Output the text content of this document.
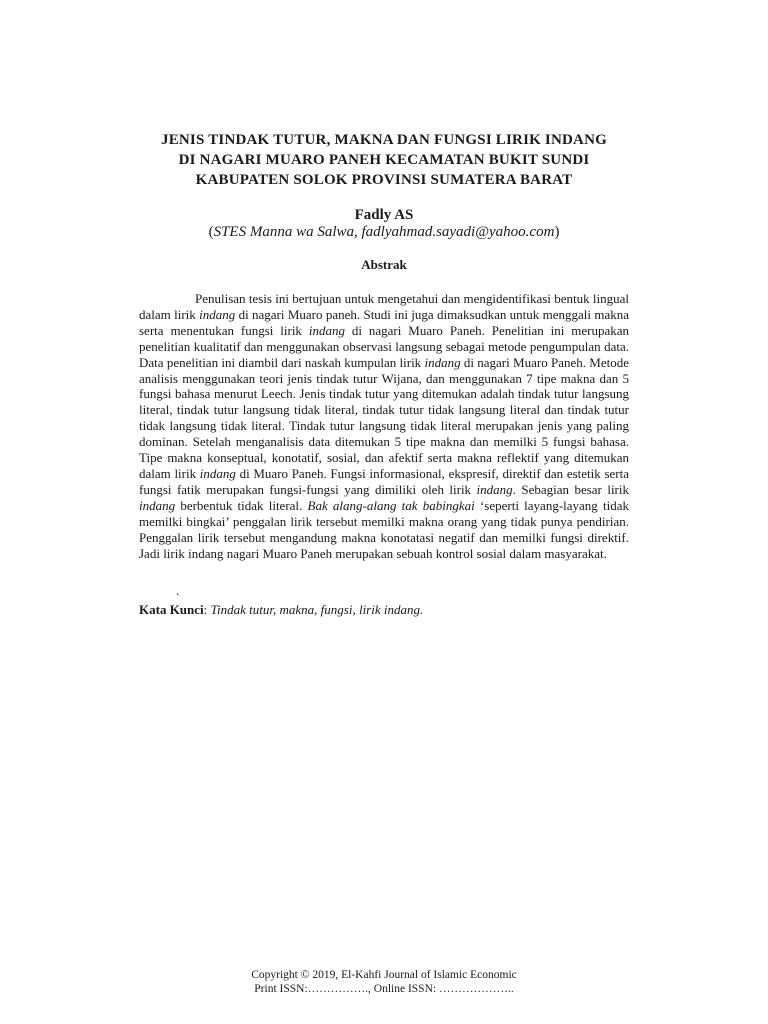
JENIS TINDAK TUTUR, MAKNA DAN FUNGSI LIRIK INDANG
DI NAGARI MUARO PANEH KECAMATAN BUKIT SUNDI
KABUPATEN SOLOK PROVINSI SUMATERA BARAT
Fadly AS
(STES Manna wa Salwa, fadlyahmad.sayadi@yahoo.com)
Abstrak

Penulisan tesis ini bertujuan untuk mengetahui dan mengidentifikasi bentuk lingual dalam lirik indang di nagari Muaro paneh. Studi ini juga dimaksudkan untuk menggali makna serta menentukan fungsi lirik indang di nagari Muaro Paneh. Penelitian ini merupakan penelitian kualitatif dan menggunakan observasi langsung sebagai metode pengumpulan data. Data penelitian ini diambil dari naskah kumpulan lirik indang di nagari Muaro Paneh. Metode analisis menggunakan teori jenis tindak tutur Wijana, dan menggunakan 7 tipe makna dan 5 fungsi bahasa menurut Leech. Jenis tindak tutur yang ditemukan adalah tindak tutur langsung literal, tindak tutur langsung tidak literal, tindak tutur tidak langsung literal dan tindak tutur tidak langsung tidak literal. Tindak tutur langsung tidak literal merupakan jenis yang paling dominan. Setelah menganalisis data ditemukan 5 tipe makna dan memilki 5 fungsi bahasa. Tipe makna konseptual, konotatif, sosial, dan afektif serta makna reflektif yang ditemukan dalam lirik indang di Muaro Paneh. Fungsi informasional, ekspresif, direktif dan estetik serta fungsi fatik merupakan fungsi-fungsi yang dimiliki oleh lirik indang. Sebagian besar lirik indang berbentuk tidak literal. Bak alang-alang tak babingkai ‘seperti layang-layang tidak memilki bingkai’ penggalan lirik tersebut memilki makna orang yang tidak punya pendirian. Penggalan lirik tersebut mengandung makna konotatasi negatif dan memilki fungsi direktif. Jadi lirik indang nagari Muaro Paneh merupakan sebuah kontrol sosial dalam masyarakat.

.
Kata Kunci: Tindak tutur, makna, fungsi, lirik indang.
Copyright © 2019, El-Kahfi Journal of Islamic Economic
Print ISSN:……………., Online ISSN: ………………..
